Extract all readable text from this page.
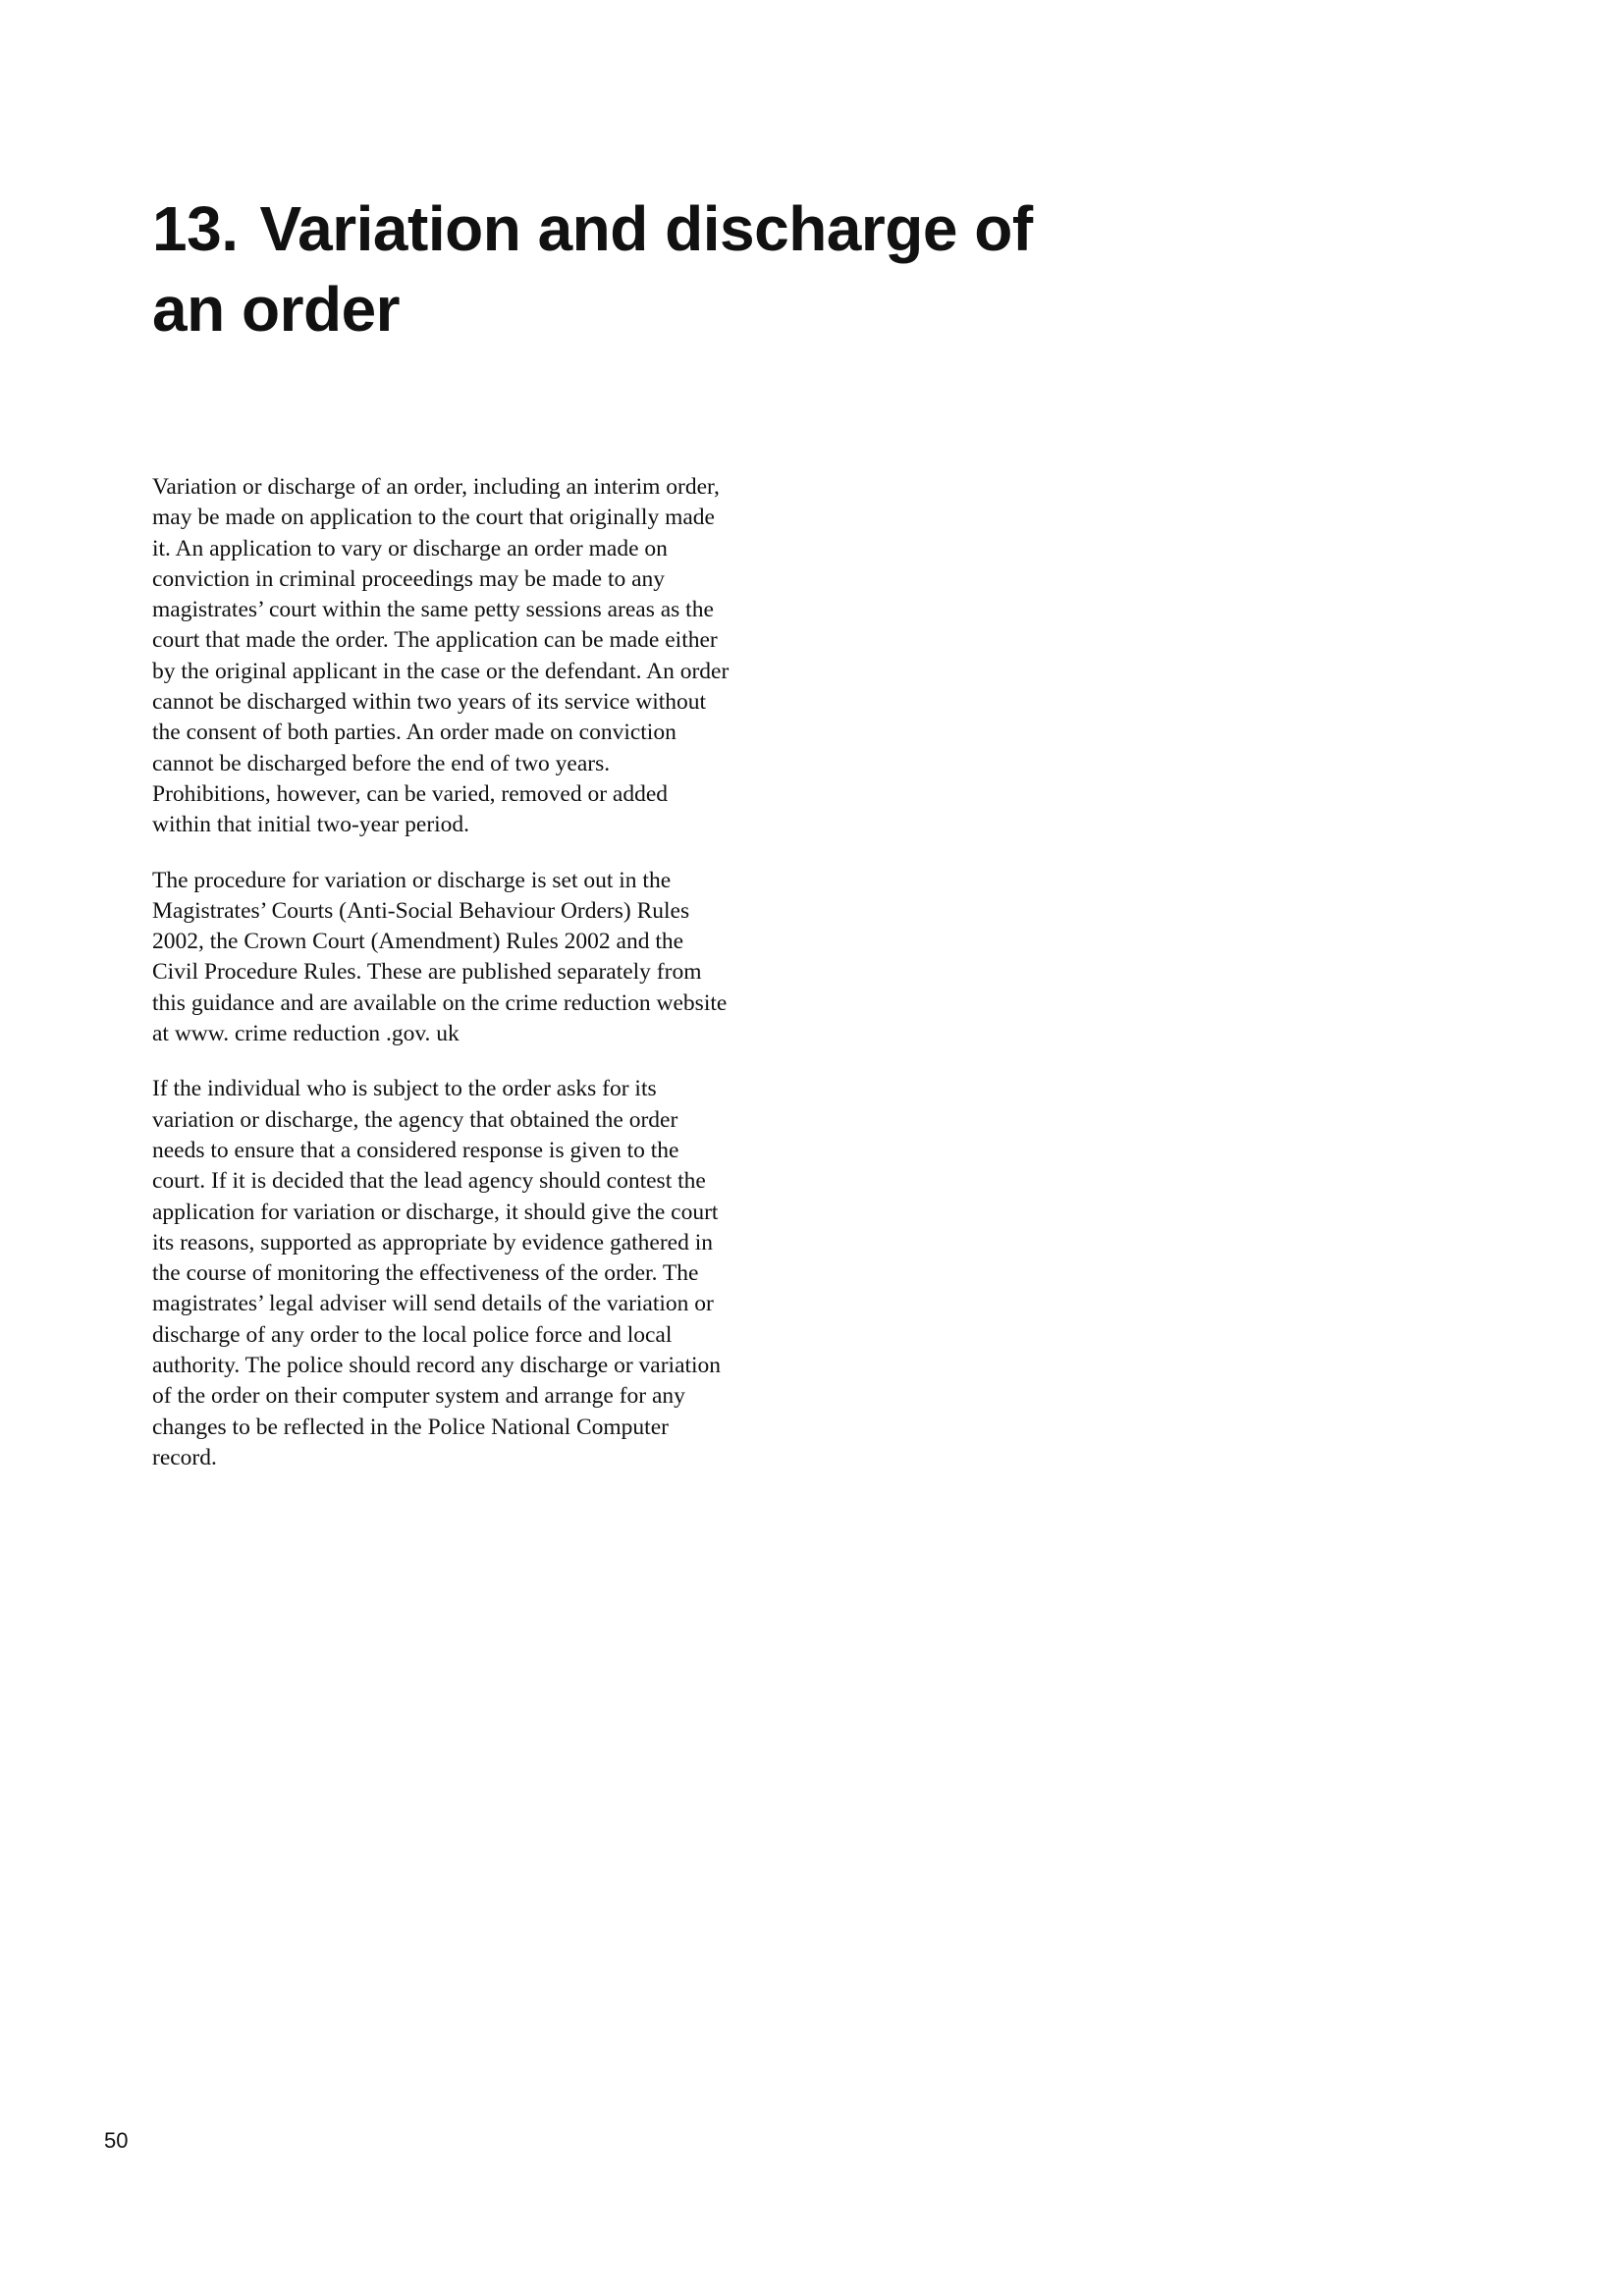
13. Variation and discharge of an order

Variation or discharge of an order, including an interim order, may be made on application to the court that originally made it. An application to vary or discharge an order made on conviction in criminal proceedings may be made to any magistrates’ court within the same petty sessions areas as the court that made the order. The application can be made either by the original applicant in the case or the defendant. An order cannot be discharged within two years of its service without the consent of both parties. An order made on conviction cannot be discharged before the end of two years. Prohibitions, however, can be varied, removed or added within that initial two-year period.

The procedure for variation or discharge is set out in the Magistrates’ Courts (Anti-Social Behaviour Orders) Rules 2002, the Crown Court (Amendment) Rules 2002 and the Civil Procedure Rules. These are published separately from this guidance and are available on the crime reduction website at www. crime reduction .gov. uk

If the individual who is subject to the order asks for its variation or discharge, the agency that obtained the order needs to ensure that a considered response is given to the court. If it is decided that the lead agency should contest the application for variation or discharge, it should give the court its reasons, supported as appropriate by evidence gathered in the course of monitoring the effectiveness of the order. The magistrates’ legal adviser will send details of the variation or discharge of any order to the local police force and local authority. The police should record any discharge or variation of the order on their computer system and arrange for any changes to be reflected in the Police National Computer record.

50
